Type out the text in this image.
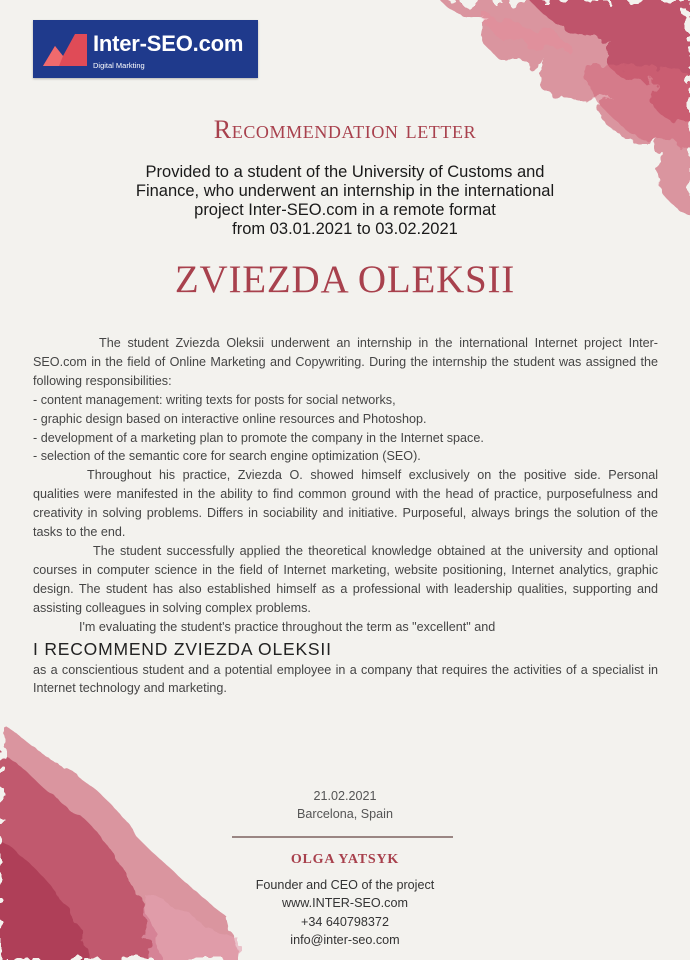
Inter-SEO.com
Digital Markting
Recommendation letter
Provided to a student of the University of Customs and
Finance, who underwent an internship in the international
project Inter-SEO.com in a remote format
from 03.01.2021 to 03.02.2021
ZVIEZDA OLEKSII

The student Zviezda Oleksii underwent an internship in the international Internet project Inter-SEO.com in the field of Online Marketing and Copywriting. During the internship the student was assigned the following responsibilities:

- content management: writing texts for posts for social networks,
- graphic design based on interactive online resources and Photoshop.
- development of a marketing plan to promote the company in the Internet space.
- selection of the semantic core for search engine optimization (SEO).

Throughout his practice, Zviezda O. showed himself exclusively on the positive side. Personal qualities were manifested in the ability to find common ground with the head of practice, purposefulness and creativity in solving problems. Differs in sociability and initiative. Purposeful, always brings the solution of the tasks to the end.

The student successfully applied the theoretical knowledge obtained at the university and optional courses in computer science in the field of Internet marketing, website positioning, Internet analytics, graphic design. The student has also established himself as a professional with leadership qualities, supporting and assisting colleagues in solving complex problems.

I'm evaluating the student's practice throughout the term as "excellent" and

I RECOMMEND ZVIEZDA OLEKSII

as a conscientious student and a potential employee in a company that requires the activities of a specialist in Internet technology and marketing.

21.02.2021
Barcelona, Spain
OLGA YATSYK
Founder and CEO of the project
www.INTER-SEO.com
+34 640798372
info@inter-seo.com
